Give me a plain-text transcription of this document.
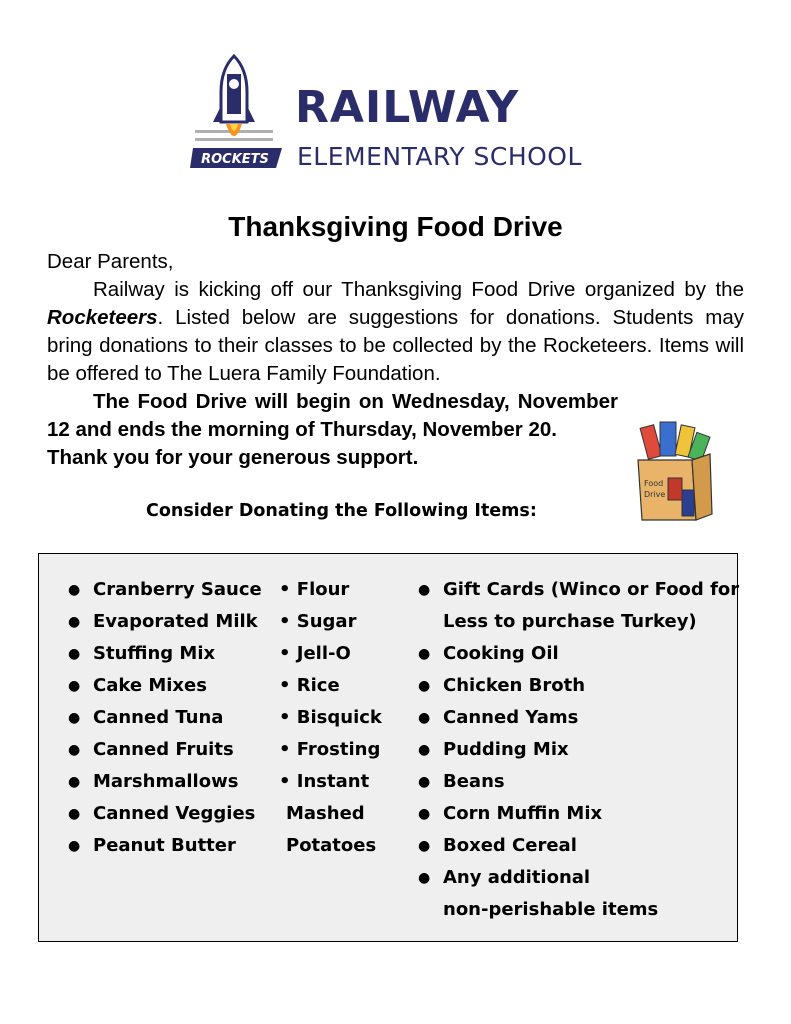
ROCKETS
RAILWAY
ELEMENTARY SCHOOL
Thanksgiving Food Drive

Dear Parents,

Railway is kicking off our Thanksgiving Food Drive organized by the Rocketeers. Listed below are suggestions for donations. Students may bring donations to their classes to be collected by the Rocketeers. Items will be offered to The Luera Family Foundation.

The Food Drive will begin on Wednesday, November 12 and ends the morning of Thursday, November 20.

Thank you for your generous support.

Food
Drive
Consider Donating the Following Items:
● Cranberry Sauce
● Evaporated Milk
● Stuffing Mix
● Cake Mixes
● Canned Tuna
● Canned Fruits
● Marshmallows
● Canned Veggies
● Peanut Butter
• Flour
• Sugar
• Jell-O
• Rice
• Bisquick
• Frosting
• Instant
Mashed
Potatoes
● Gift Cards (Winco or Food for
Less to purchase Turkey)
● Cooking Oil
● Chicken Broth
● Canned Yams
● Pudding Mix
● Beans
● Corn Muffin Mix
● Boxed Cereal
● Any additional
non-perishable items
